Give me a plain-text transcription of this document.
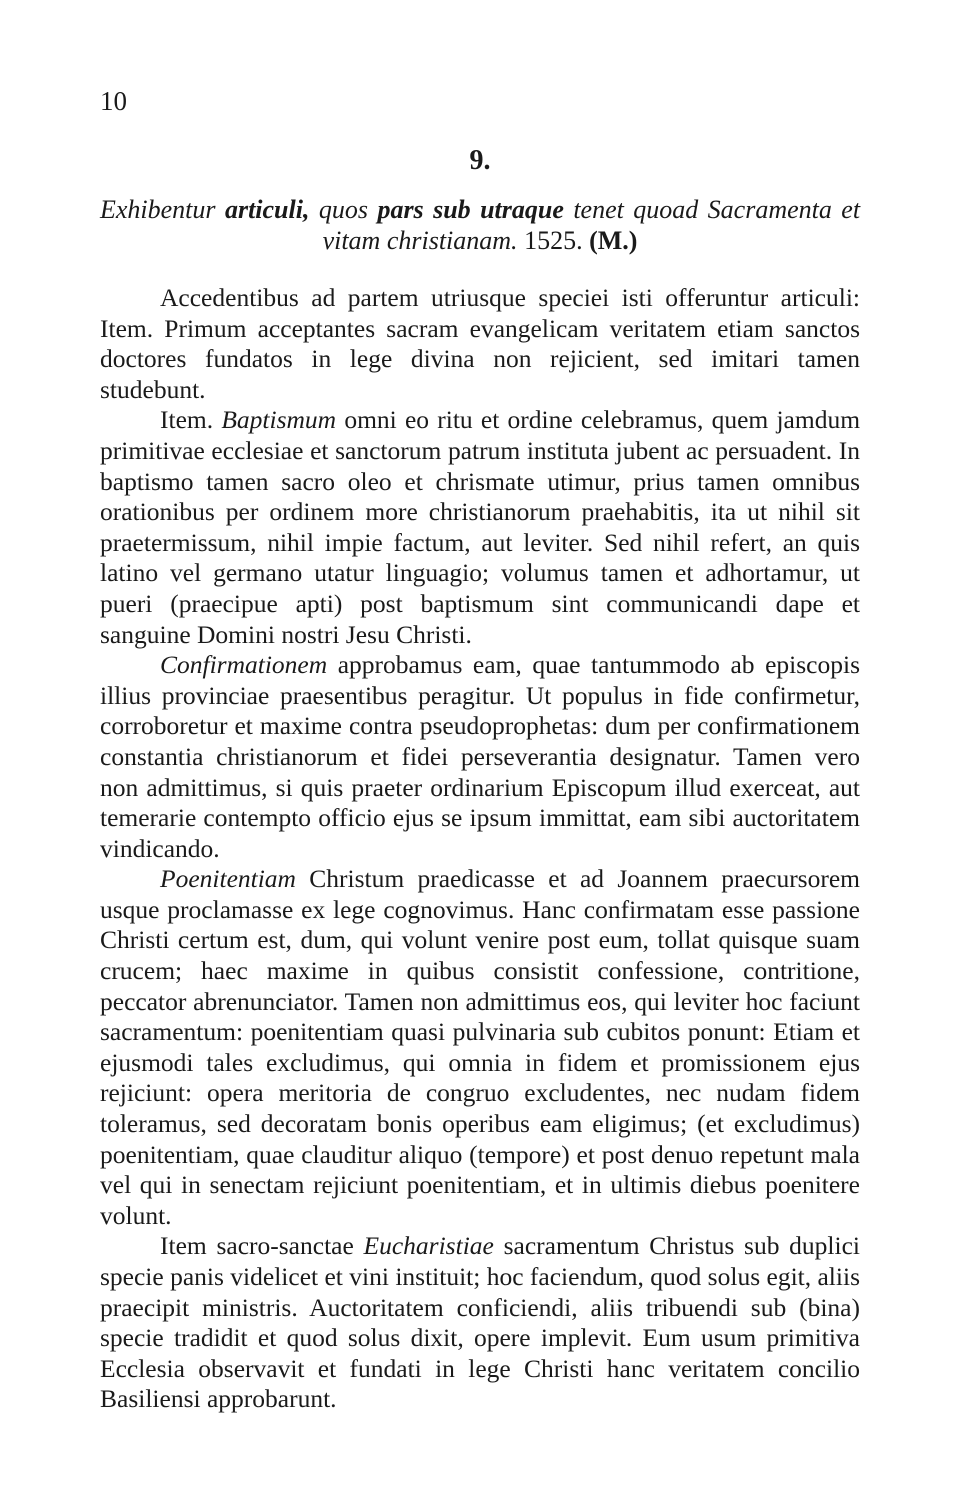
10
9.
Exhibentur articuli, quos pars sub utraque tenet quoad Sacramenta et vitam christianam. 1525. (M.)

Accedentibus ad partem utriusque speciei isti offeruntur articuli: Item. Primum acceptantes sacram evangelicam veritatem etiam sanctos doctores fundatos in lege divina non rejicient, sed imitari tamen studebunt.

Item. Baptismum omni eo ritu et ordine celebramus, quem jamdum primitivae ecclesiae et sanctorum patrum instituta jubent ac persuadent. In baptismo tamen sacro oleo et chrismate utimur, prius tamen omnibus orationibus per ordinem more christianorum praehabitis, ita ut nihil sit praetermissum, nihil impie factum, aut leviter. Sed nihil refert, an quis latino vel germano utatur linguagio; volumus tamen et adhortamur, ut pueri (praecipue apti) post baptismum sint communicandi dape et sanguine Domini nostri Jesu Christi.

Confirmationem approbamus eam, quae tantummodo ab episcopis illius provinciae praesentibus peragitur. Ut populus in fide confirmetur, corroboretur et maxime contra pseudoprophetas: dum per confirmationem constantia christianorum et fidei perseverantia designatur. Tamen vero non admittimus, si quis praeter ordinarium Episcopum illud exerceat, aut temerarie contempto officio ejus se ipsum immittat, eam sibi auctoritatem vindicando.

Poenitentiam Christum praedicasse et ad Joannem praecursorem usque proclamasse ex lege cognovimus. Hanc confirmatam esse passione Christi certum est, dum, qui volunt venire post eum, tollat quisque suam crucem; haec maxime in quibus consistit confessione, contritione, peccator abrenunciator. Tamen non admittimus eos, qui leviter hoc faciunt sacramentum: poenitentiam quasi pulvinaria sub cubitos ponunt: Etiam et ejusmodi tales excludimus, qui omnia in fidem et promissionem ejus rejiciunt: opera meritoria de congruo excludentes, nec nudam fidem toleramus, sed decoratam bonis operibus eam eligimus; (et excludimus) poenitentiam, quae clauditur aliquo (tempore) et post denuo repetunt mala vel qui in senectam rejiciunt poenitentiam, et in ultimis diebus poenitere volunt.

Item sacro-sanctae Eucharistiae sacramentum Christus sub duplici specie panis videlicet et vini instituit; hoc faciendum, quod solus egit, aliis praecipit ministris. Auctoritatem conficiendi, aliis tribuendi sub (bina) specie tradidit et quod solus dixit, opere implevit. Eum usum primitiva Ecclesia observavit et fundati in lege Christi hanc veritatem concilio Basiliensi approbarunt.
